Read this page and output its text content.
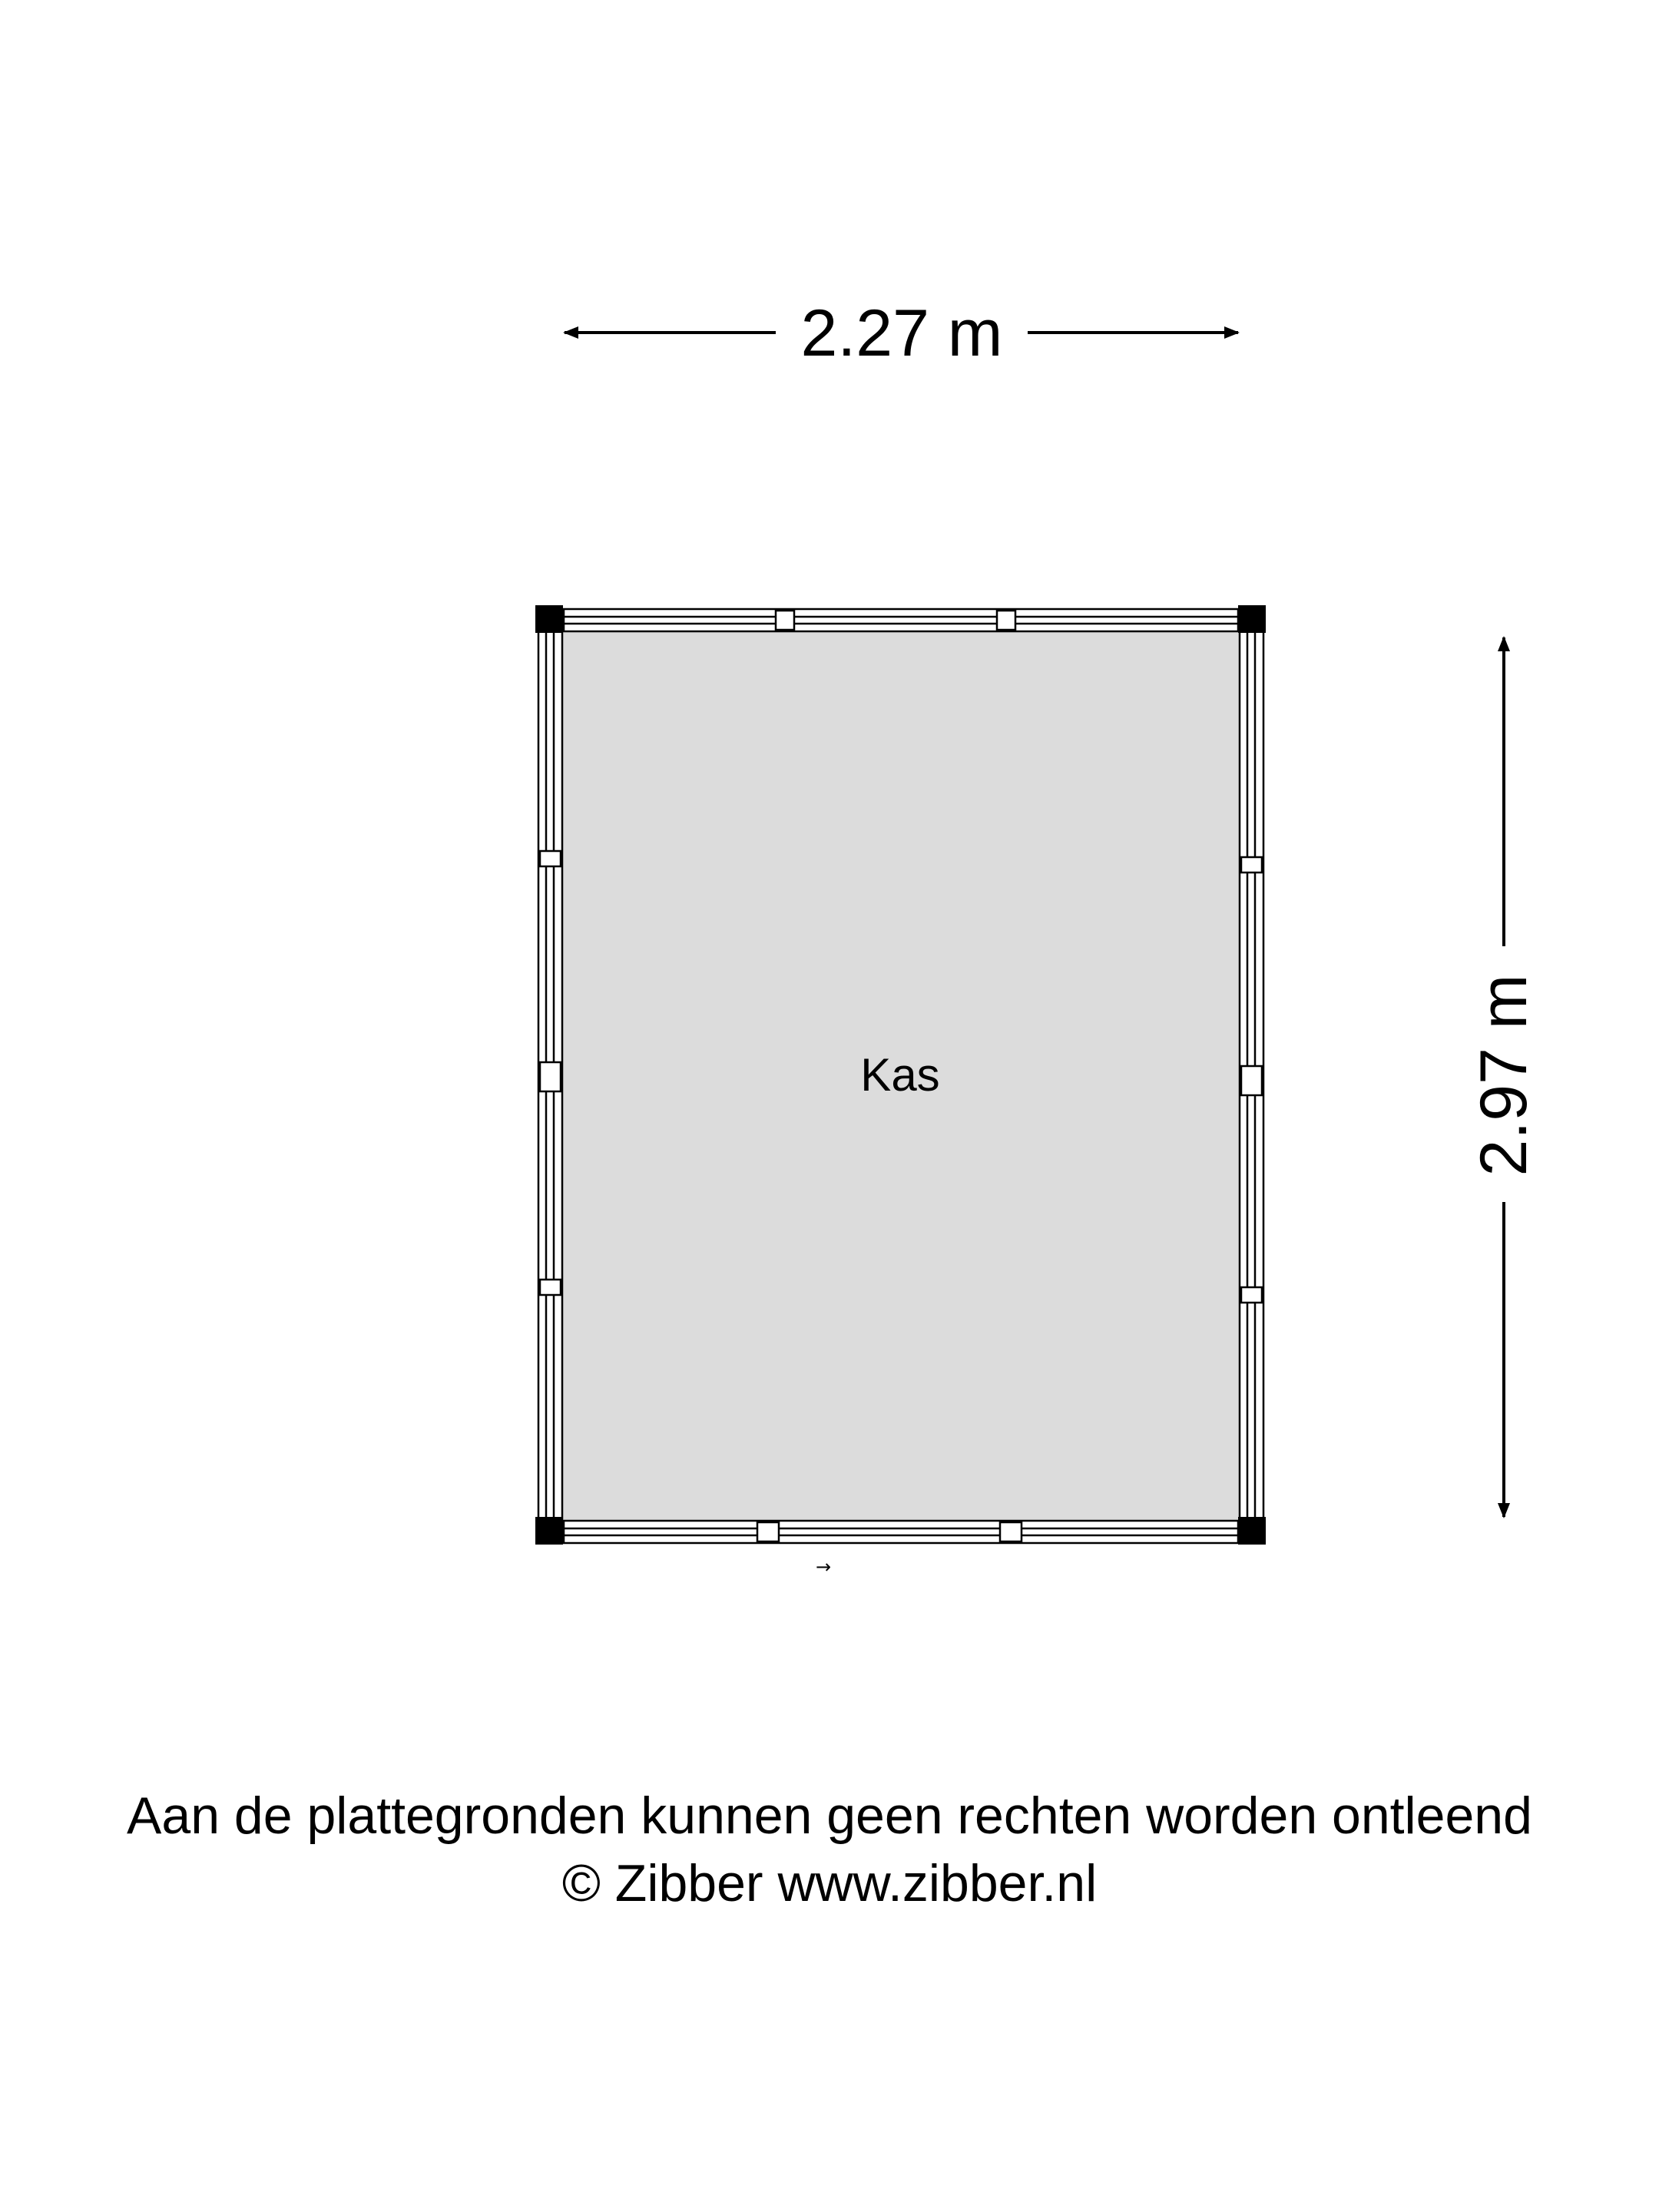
2.27 m
2.97 m
Kas
→
Aan de plattegronden kunnen geen rechten worden ontleend
© Zibber www.zibber.nl
